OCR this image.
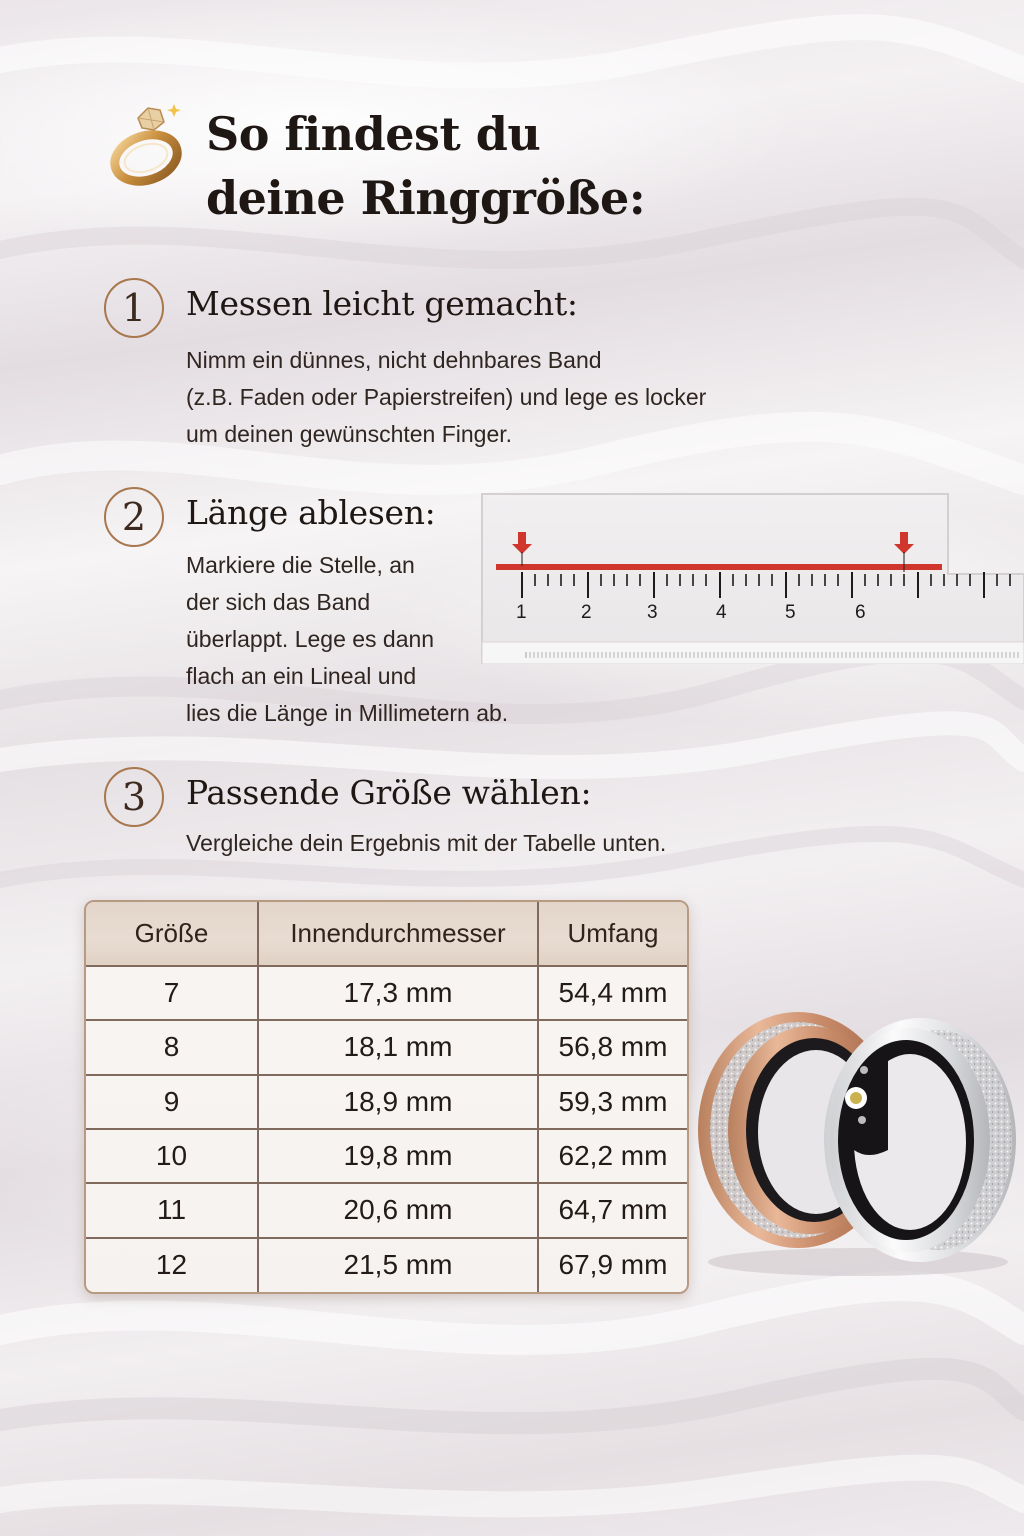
So findest du
deine Ringgröße:
1	Messen leicht gemacht:
Nimm ein dünnes, nicht dehnbares Band
(z.B. Faden oder Papierstreifen) und lege es locker
um deinen gewünschten Finger.
2	Länge ablesen:
Markiere die Stelle, an
der sich das Band
überlappt. Lege es dann
flach an ein Lineal und
lies die Länge in Millimetern ab.
1	2	3	4	5	6
3	Passende Größe wählen:
Vergleiche dein Ergebnis mit der Tabelle unten.
Größe	Innendurchmesser	Umfang
7	17,3 mm	54,4 mm
8	18,1 mm	56,8 mm
9	18,9 mm	59,3 mm
10	19,8 mm	62,2 mm
11	20,6 mm	64,7 mm
12	21,5 mm	67,9 mm
